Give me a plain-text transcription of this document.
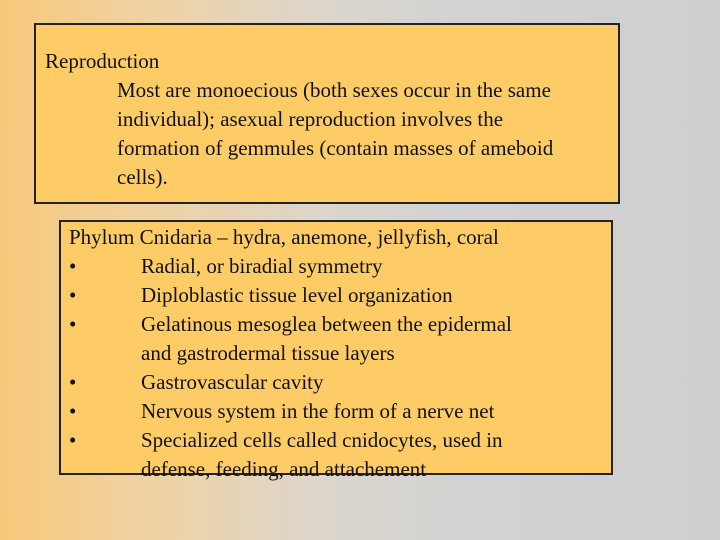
Reproduction
Most are monoecious (both sexes occur in the same
individual); asexual reproduction involves the
formation of gemmules (contain masses of ameboid
cells).
Phylum Cnidaria – hydra, anemone, jellyfish, coral
•	Radial, or biradial symmetry
•	Diploblastic tissue level organization
•	Gelatinous mesoglea between the epidermal
and gastrodermal tissue layers
•	Gastrovascular cavity
•	Nervous system in the form of a nerve net
•	Specialized cells called cnidocytes, used in
defense, feeding, and attachement
